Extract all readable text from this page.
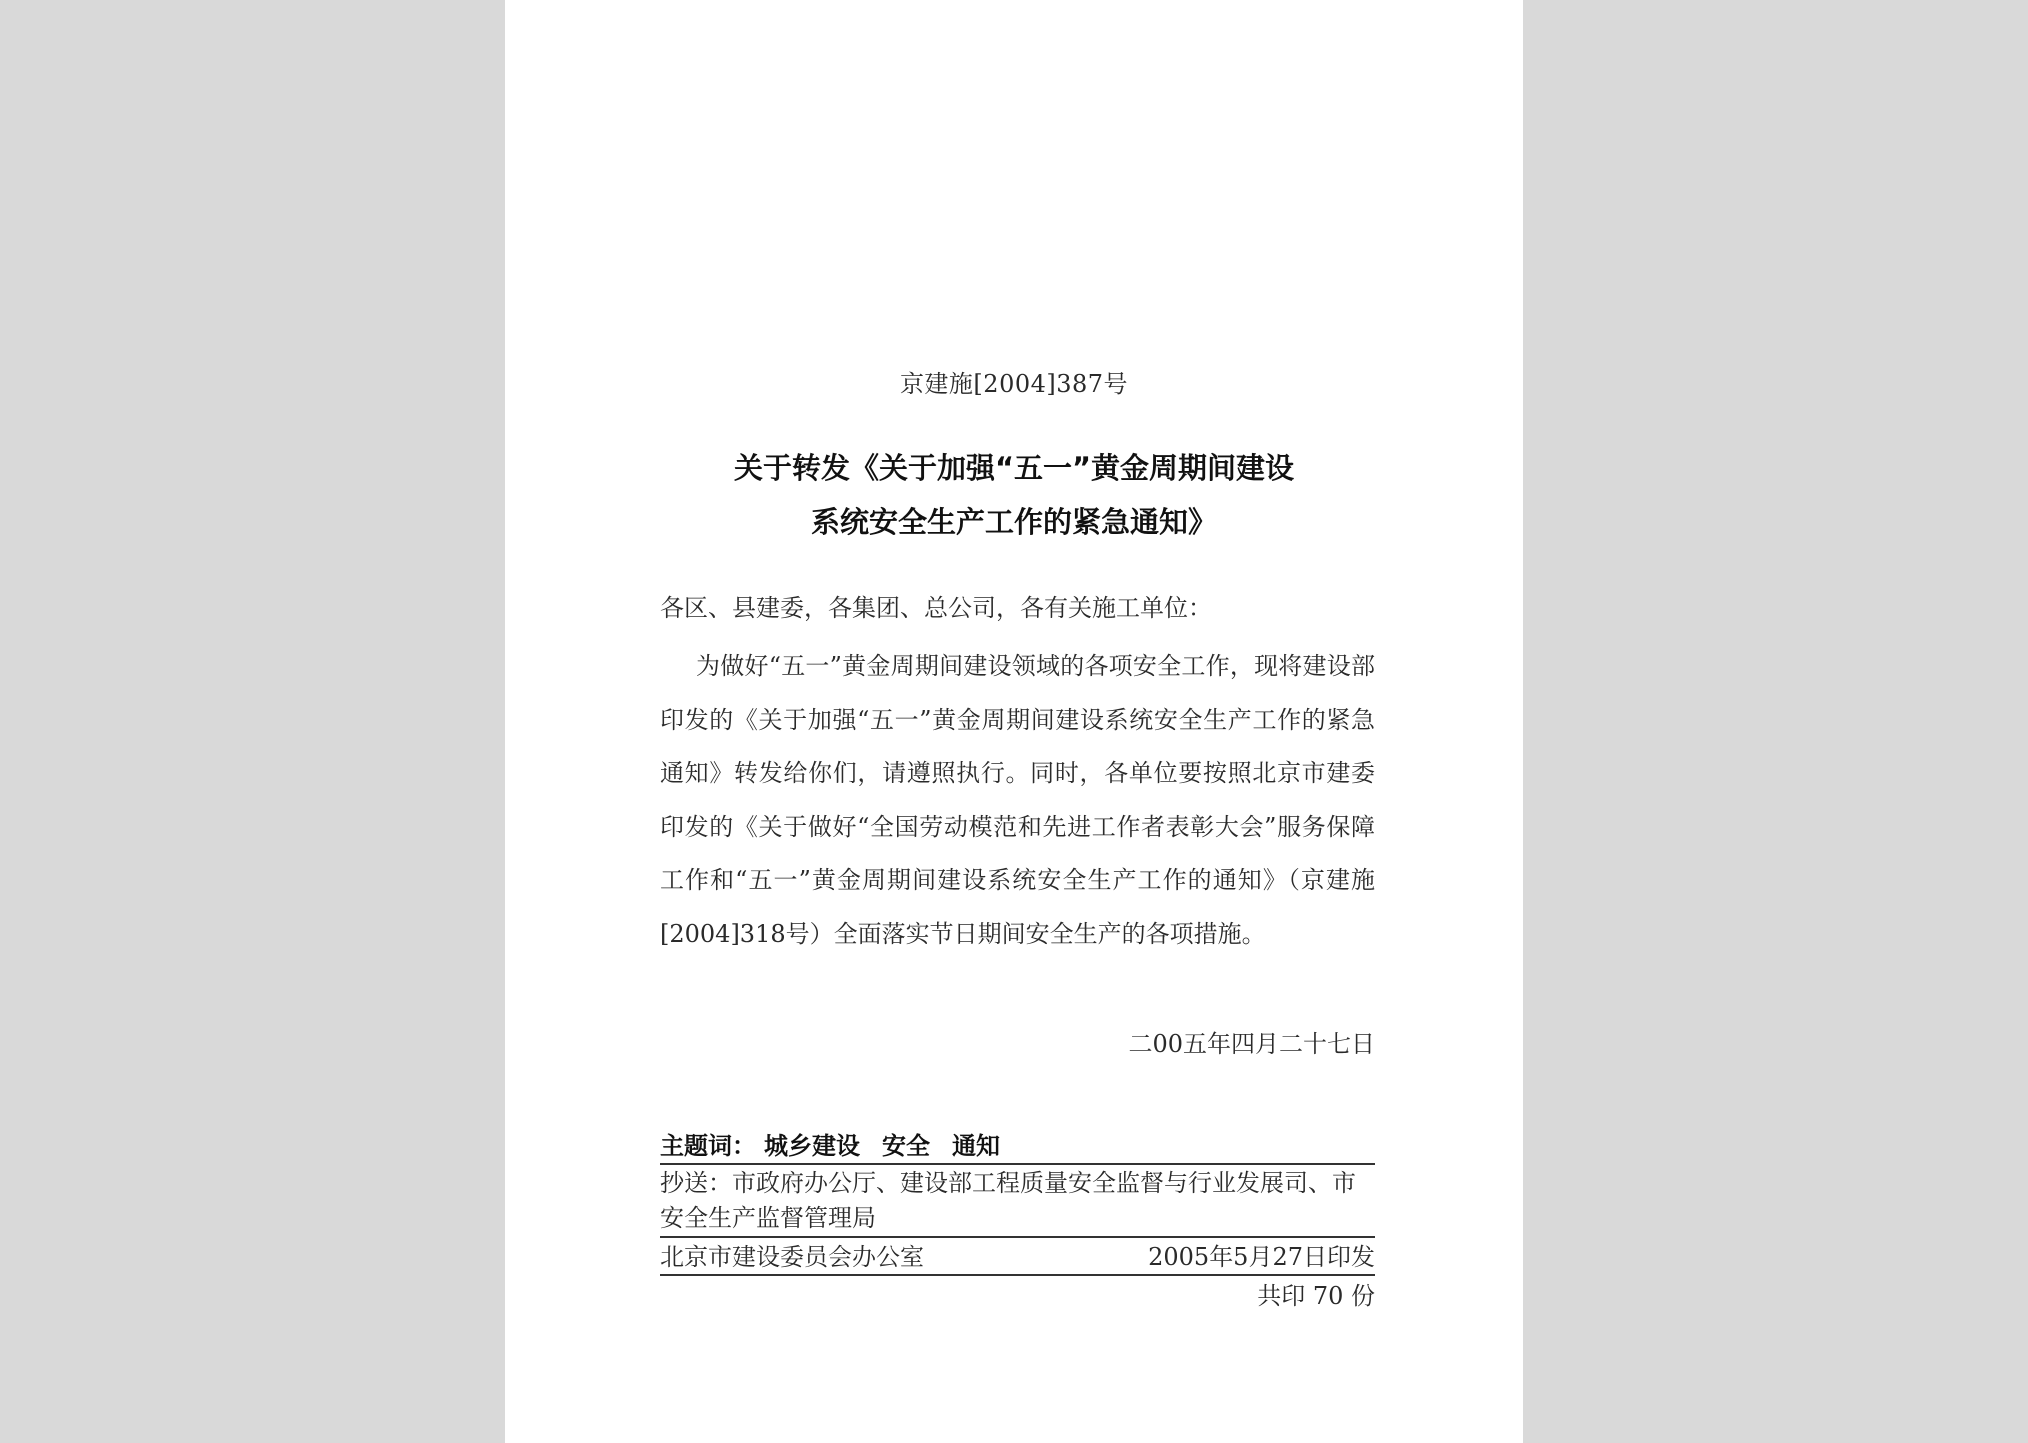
京建施[2004]387号
关于转发《关于加强“五一”黄金周期间建设
系统安全生产工作的紧急通知》
各区、县建委，各集团、总公司，各有关施工单位：
为做好“五一”黄金周期间建设领域的各项安全工作，现将建设部印发的《关于加强“五一”黄金周期间建设系统安全生产工作的紧急通知》转发给你们，请遵照执行。同时，各单位要按照北京市建委印发的《关于做好“全国劳动模范和先进工作者表彰大会”服务保障工作和“五一”黄金周期间建设系统安全生产工作的通知》（京建施[2004]318号）全面落实节日期间安全生产的各项措施。
二00五年四月二十七日
主题词： 城乡建设 安全 通知
抄送：市政府办公厅、建设部工程质量安全监督与行业发展司、市安全生产监督管理局
北京市建设委员会办公室	2005年5月27日印发
共印 70 份
